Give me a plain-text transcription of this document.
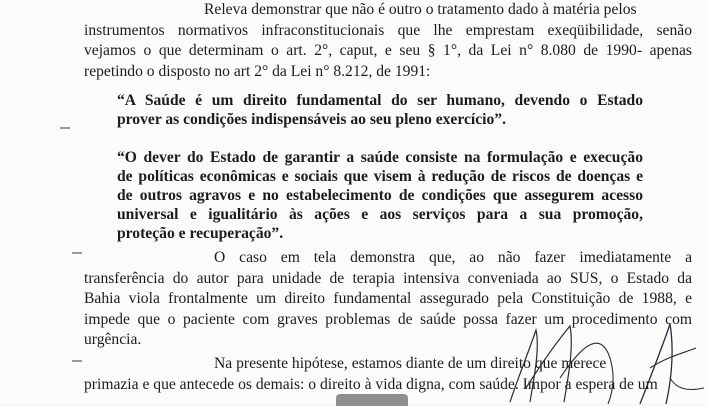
Releva demonstrar que não é outro o tratamento dado à matéria pelos
instrumentos normativos infraconstitucionais que lhe emprestam exeqüibilidade, senão
vejamos o que determinam o art. 2°, caput, e seu § 1°, da Lei n° 8.080 de 1990- apenas
repetindo o disposto no art 2° da Lei n° 8.212, de 1991:

“A Saúde é um direito fundamental do ser humano, devendo o Estado
prover as condições indispensáveis ao seu pleno exercício”.

“O dever do Estado de garantir a saúde consiste na formulação e execução
de políticas econômicas e sociais que visem à redução de riscos de doenças e
de outros agravos e no estabelecimento de condições que assegurem acesso
universal e igualitário às ações e aos serviços para a sua promoção,
proteção e recuperação”.

O caso em tela demonstra que, ao não fazer imediatamente a
transferência do autor para unidade de terapia intensiva conveniada ao SUS, o Estado da
Bahia viola frontalmente um direito fundamental assegurado pela Constituição de 1988, e
impede que o paciente com graves problemas de saúde possa fazer um procedimento com
urgência.

Na presente hipótese, estamos diante de um direito que merece
primazia e que antecede os demais: o direito à vida digna, com saúde. Impor a espera de um
